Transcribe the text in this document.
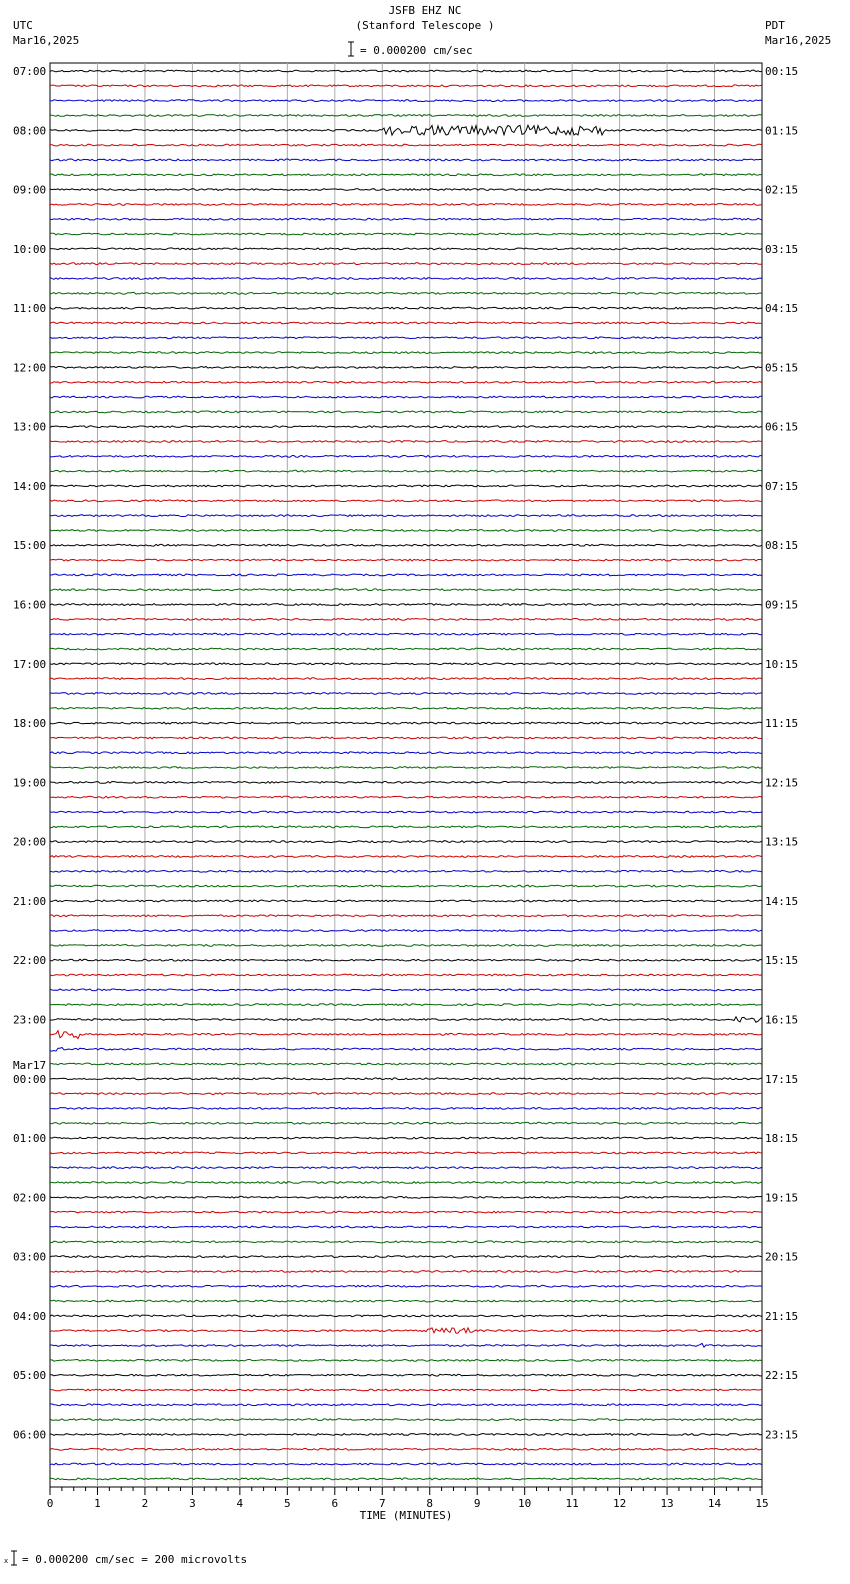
JSFB EHZ NC
(Stanford Telescope )
UTC
Mar16,2025
PDT
Mar16,2025
= 0.000200 cm/sec
x = 0.000200 cm/sec = 200 microvolts
07:00
08:00
09:00
10:00
11:00
12:00
13:00
14:00
15:00
16:00
17:00
18:00
19:00
20:00
21:00
22:00
23:00
00:00
01:00
02:00
03:00
04:00
05:00
06:00
Mar17
00:15
01:15
02:15
03:15
04:15
05:15
06:15
07:15
08:15
09:15
10:15
11:15
12:15
13:15
14:15
15:15
16:15
17:15
18:15
19:15
20:15
21:15
22:15
23:15
0	1	2	3	4	5	6	7	8	9	10	11	12	13	14	15
TIME (MINUTES)
